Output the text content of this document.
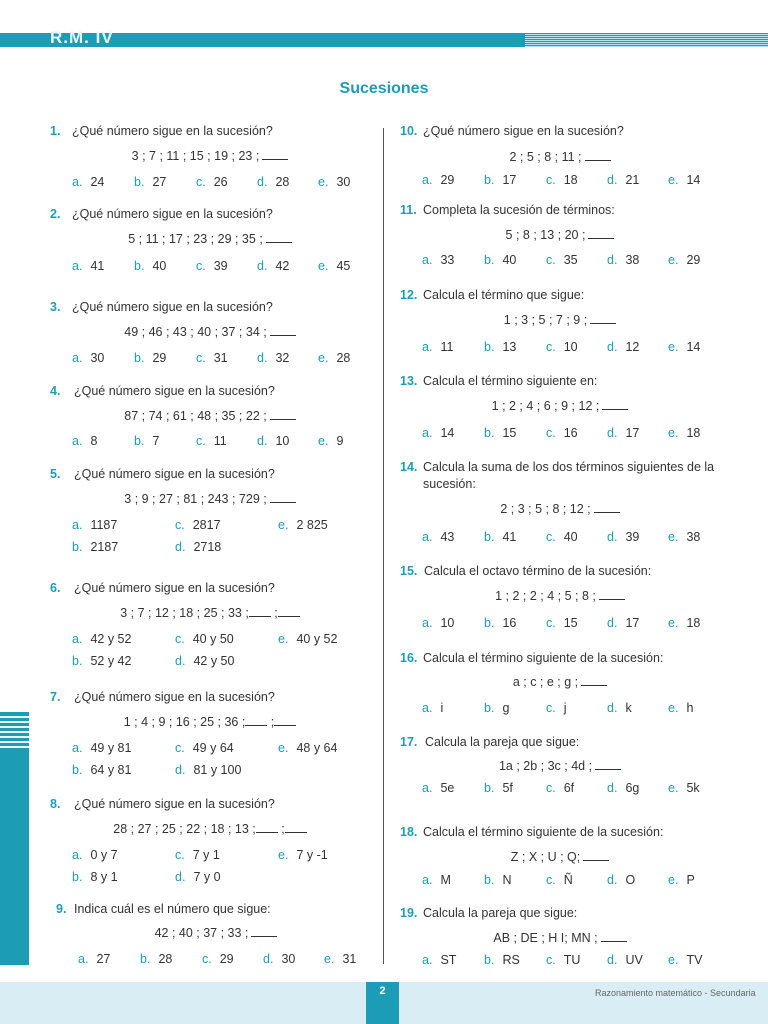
R.M. IV
Sucesiones
2	Razonamiento matemático - Secundaria
1. ¿Qué número sigue en la sucesión?
3 ; 7 ; 11 ; 15 ; 19 ; 23 ;
a. 24 b. 27 c. 26 d. 28 e. 30
2. ¿Qué número sigue en la sucesión?
5 ; 11 ; 17 ; 23 ; 29 ; 35 ;
a. 41 b. 40 c. 39 d. 42 e. 45
3. ¿Qué número sigue en la sucesión?
49 ; 46 ; 43 ; 40 ; 37 ; 34 ;
a. 30 b. 29 c. 31 d. 32 e. 28
4. ¿Qué número sigue en la sucesión?
87 ; 74 ; 61 ; 48 ; 35 ; 22 ;
a. 8	b. 7	c. 11 d. 10 e. 9
5. ¿Qué número sigue en la sucesión?
3 ; 9 ; 27 ; 81 ; 243 ; 729 ;
a. 1187
b. 2187
c. 2817
d. 2718
e. 2 825
6. ¿Qué número sigue en la sucesión?
3 ; 7 ; 12 ; 18 ; 25 ; 33 ; ;
a. 42 y 52
b. 52 y 42
c. 40 y 50
d. 42 y 50
e. 40 y 52
7. ¿Qué número sigue en la sucesión?
1 ; 4 ; 9 ; 16 ; 25 ; 36 ; ;
a. 49 y 81
b. 64 y 81
c. 49 y 64
d. 81 y 100
e. 48 y 64
8. ¿Qué número sigue en la sucesión?
28 ; 27 ; 25 ; 22 ; 18 ; 13 ; ;
a. 0 y 7
b. 8 y 1
c. 7 y 1
d. 7 y 0
e. 7 y -1
9. Indica cuál es el número que sigue:
42 ; 40 ; 37 ; 33 ;
a. 27 b. 28 c. 29 d. 30 e. 31
10. ¿Qué número sigue en la sucesión?
2 ; 5 ; 8 ; 11 ;
a. 29 b. 17 c. 18 d. 21 e. 14
11. Completa la sucesión de términos:
5 ; 8 ; 13 ; 20 ;
a. 33 b. 40 c. 35 d. 38 e. 29
12. Calcula el término que sigue:
1 ; 3 ; 5 ; 7 ; 9 ;
a. 11 b. 13 c. 10 d. 12 e. 14
13. Calcula el término siguiente en:
1 ; 2 ; 4 ; 6 ; 9 ; 12 ;
a. 14 b. 15 c. 16 d. 17 e. 18
14. Calcula la suma de los dos términos siguientes de la
sucesión:
2 ; 3 ; 5 ; 8 ; 12 ;
a. 43 b. 41 c. 40 d. 39 e. 38
15. Calcula el octavo término de la sucesión:
1 ; 2 ; 2 ; 4 ; 5 ; 8 ;
a. 10 b. 16 c. 15 d. 17 e. 18
16. Calcula el término siguiente de la sucesión:
a ; c ; e ; g ;
a. i	b. g	c. j	d. k	e. h
17. Calcula la pareja que sigue:
1a ; 2b ; 3c ; 4d ;
a. 5e b. 5f	c. 6f	d. 6g e. 5k
18. Calcula el término siguiente de la sucesión:
Z ; X ; U ; Q;
a. M	b. N	c. Ñ	d. O	e. P
19. Calcula la pareja que sigue:
AB ; DE ; H I; MN ;
a. ST b. RS c. TU d. UV e. TV
